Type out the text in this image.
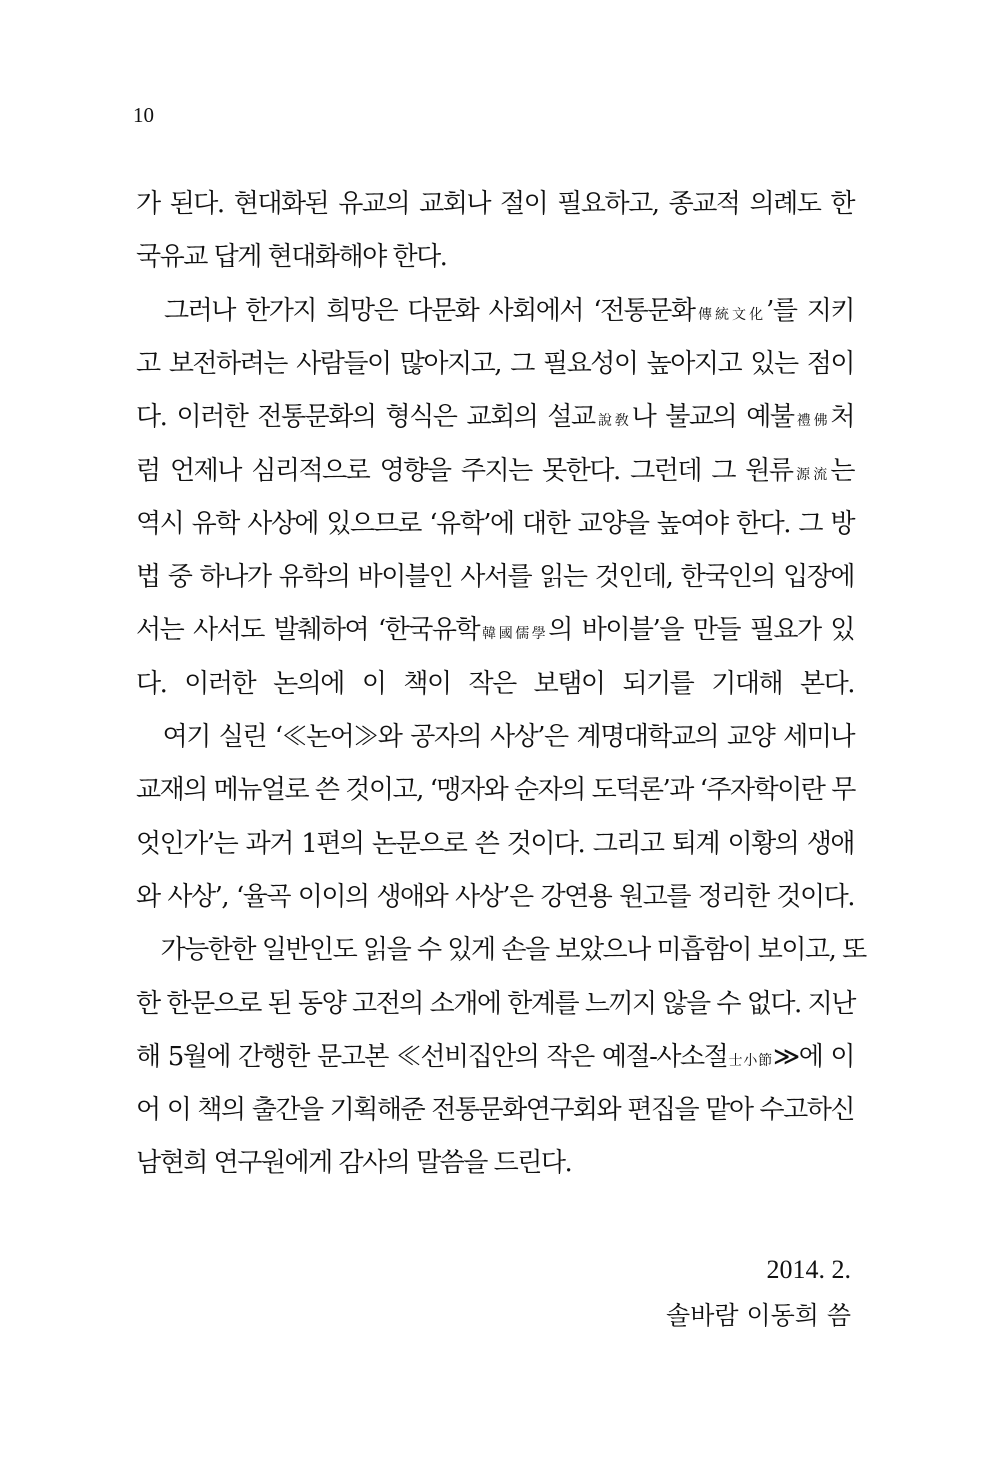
10
가 된다. 현대화된 유교의 교회나 절이 필요하고, 종교적 의례도 한
국유교 답게 현대화해야 한다.
　그러나 한가지 희망은 다문화 사회에서 ‘전통문화傳統文化’를 지키
고 보전하려는 사람들이 많아지고, 그 필요성이 높아지고 있는 점이
다. 이러한 전통문화의 형식은 교회의 설교說敎나 불교의 예불禮佛처
럼 언제나 심리적으로 영향을 주지는 못한다. 그런데 그 원류源流는
역시 유학 사상에 있으므로 ‘유학’에 대한 교양을 높여야 한다. 그 방
법 중 하나가 유학의 바이블인 사서를 읽는 것인데, 한국인의 입장에
서는 사서도 발췌하여 ‘한국유학韓國儒學의 바이블’을 만들 필요가 있
다. 이러한 논의에 이 책이 작은 보탬이 되기를 기대해 본다.
　여기 실린 ‘≪논어≫와 공자의 사상’은 계명대학교의 교양 세미나
교재의 메뉴얼로 쓴 것이고, ‘맹자와 순자의 도덕론’과 ‘주자학이란 무
엇인가’는 과거 1편의 논문으로 쓴 것이다. 그리고 퇴계 이황의 생애
와 사상’, ‘율곡 이이의 생애와 사상’은 강연용 원고를 정리한 것이다.
　가능한한 일반인도 읽을 수 있게 손을 보았으나 미흡함이 보이고, 또
한 한문으로 된 동양 고전의 소개에 한계를 느끼지 않을 수 없다. 지난
해 5월에 간행한 문고본 ≪선비집안의 작은 예절-사소절士小節≫에 이
어 이 책의 출간을 기획해준 전통문화연구회와 편집을 맡아 수고하신
남현희 연구원에게 감사의 말씀을 드린다.
2014. 2.
솔바람 이동희 씀
